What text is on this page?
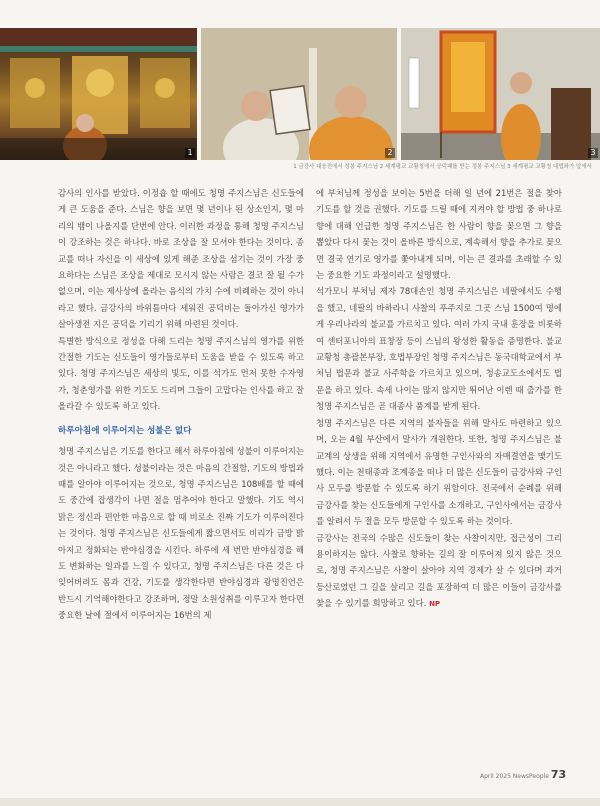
1	2	3
1 금강사 대웅전에서 정봉 주지스님 2 세계평교 교황청에서 공덕패를 받는 정봉 주지스님 3 세계평교 교황청 대법좌가 앞에서

감사의 인사를 받았다. 이정숍 할 때에도 청명 주지스님은 신도들에게 큰 도움을 준다. 스님은 향을 보면 몇 년이나 된 상소인지, 몇 마리의 뱀이 나올지를 단번에 안다. 이러한 과정을 통해 청명 주지스님이 강조하는 것은 하나다. 바로 조상을 잘 모셔야 한다는 것이다. 종교를 떠나 자신을 이 세상에 있게 해준 조상을 섬기는 것이 가장 중요하다는 스님은 조상을 제대로 모시지 않는 사람은 결코 잘 될 수가 없으며, 이는 제사상에 올라는 음식의 가치 수에 비례하는 것이 아니라고 했다. 금강사의 바위틈마다 세워진 공덕비는 돌아가신 영가가 살아생전 지은 공덕을 기리기 위해 마련된 것이다.

특별한 방식으로 정성을 다해 드리는 청명 주지스님의 영가를 위한 간절한 기도는 신도들이 영가들로부터 도움을 받을 수 있도록 하고 있다. 청명 주지스님은 세상의 빛도, 이를 석가도 먼저 못한 수자영가, 청춘영가를 위한 기도도 드리며 그들이 고맙다는 인사를 하고 잘 올라갈 수 있도록 하고 있다.

하루아침에 이루어지는 성불은 없다

청명 주지스님은 기도를 한다고 해서 하루아침에 성불이 이루어지는 것은 아니라고 했다. 성불이라는 것은 마음의 간절함, 기도의 방법과 때를 알아야 이루어지는 것으로, 청명 주지스님은 108배를 할 때에도 중간에 잡생각이 나면 절을 멈추어야 한다고 말했다. 기도 역시 맑은 정신과 편안한 마음으로 할 때 비로소 진짜 기도가 이루어진다는 것이다. 청명 주지스님은 신도들에게 짧으면서도 비리가 금방 밝아지고 정화되는 반야심경을 시킨다. 하루에 세 번만 반야심경을 해도 변화하는 일과를 느낄 수 있다고, 청명 주지스님은 다른 것은 다 잊어버려도 몸과 건강, 기도를 생각한다면 반야심경과 광명진언은 반드시 기억해야한다고 강조하며, 정말 소원성취를 이루고자 한다면 중요한 날에 절에서 이루어지는 16번의 제

에 부처님께 정성을 보이는 5번을 더해 일 년에 21번은 절을 찾아 기도를 할 것을 권했다. 기도를 드릴 때에 지켜야 할 방법 중 하나로 향에 대해 언급한 청명 주지스님은 한 사람이 향을 꽂으면 그 향을 뽑았다 다시 꽂는 것이 올바른 방식으로, 계속해서 향을 추가로 꽂으면 결국 연기로 영가를 쫓아내게 되며, 이는 큰 결과를 초래할 수 있는 중요한 기도 과정이라고 설명했다.

석가모니 부처님 제자 78대손인 청명 주지스님은 네팔에서도 수행을 했고, 네팔의 바하라니 사찰의 푸주지로 그곳 스님 1500여 명에게 우리나라의 불교를 가르치고 있다. 여러 가지 국내 훈장을 비롯하여 센터포니아의 표창장 등이 스님의 왕성한 활동을 증명한다. 불교 교황청 총괄본부장, 호법부장인 청명 주지스님은 동국대학교에서 부처님 법문과 불교 사주학을 가르치고 있으며, 청송교도소에서도 법문을 하고 있다. 속세 나이는 많지 않지만 뛰어난 이렌 때 출가를 한 청명 주지스님은 곧 대종사 품계를 받게 된다.

청명 주지스님은 다른 지역의 불자들을 위해 말사도 마련하고 있으며, 오는 4월 부산에서 말사가 개원한다. 또한, 청명 주지스님은 불교계의 상생을 위해 지역에서 유명한 구인사와의 자매결연을 맺기도 했다. 이는 천태종과 조계종을 떠나 더 많은 신도들이 금강사와 구인사 모두를 방문할 수 있도록 하기 위함이다. 전국에서 순례를 위해 금강사를 찾는 신도들에게 구인사를 소개하고, 구인사에서는 금강사를 알려서 두 절을 모두 방문할 수 있도록 하는 것이다.

금강사는 전국의 수많은 신도들이 찾는 사찰이지만, 접근성이 그리 용이하지는 않다. 사찰로 향하는 길의 잘 이루어져 있지 않은 것으로, 청명 주지스님은 사찰이 살아야 지역 경제가 살 수 있다며 과거 등산로였던 그 길을 살리고 길을 포장하여 더 많은 이들이 금강사를 찾을 수 있기를 희망하고 있다. NP

April 2025 NewsPeople 73
